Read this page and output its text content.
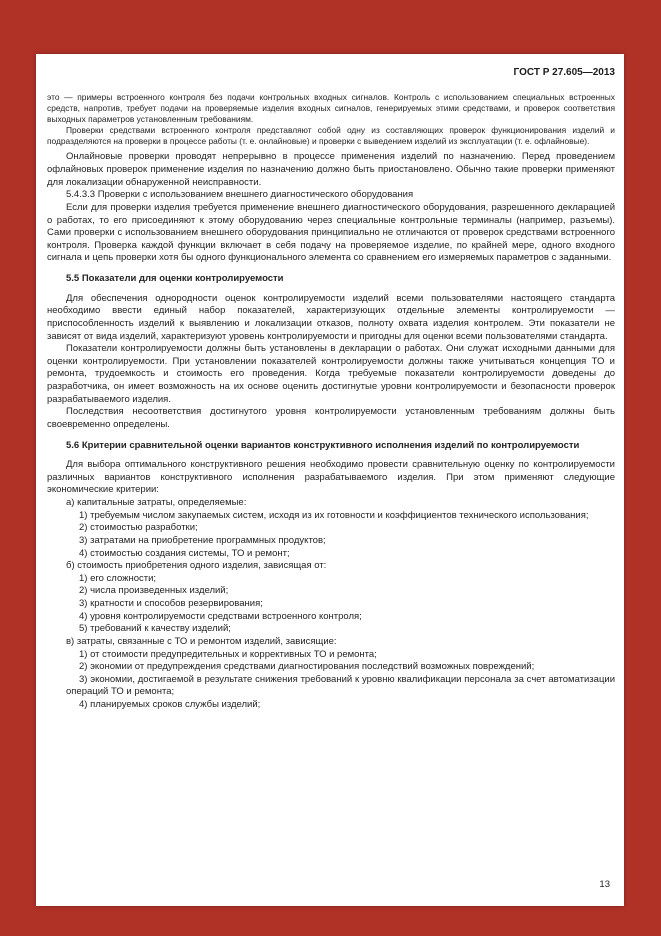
ГОСТ Р 27.605—2013

это — примеры встроенного контроля без подачи контрольных входных сигналов. Контроль с использованием специальных встроенных средств, напротив, требует подачи на проверяемые изделия входных сигналов, генерируемых этими средствами, и проверок соответствия выходных параметров установленным требованиям.

Проверки средствами встроенного контроля представляют собой одну из составляющих проверок функционирования изделий и подразделяются на проверки в процессе работы (т. е. онлайновые) и проверки с выведением изделий из эксплуатации (т. е. офлайновые).

Онлайновые проверки проводят непрерывно в процессе применения изделий по назначению. Перед проведением офлайновых проверок применение изделия по назначению должно быть приостановлено. Обычно такие проверки применяют для локализации обнаруженной неисправности.

5.4.3.3 Проверки с использованием внешнего диагностического оборудования

Если для проверки изделия требуется применение внешнего диагностического оборудования, разрешенного декларацией о работах, то его присоединяют к этому оборудованию через специальные контрольные терминалы (например, разъемы). Сами проверки с использованием внешнего оборудования принципиально не отличаются от проверок средствами встроенного контроля. Проверка каждой функции включает в себя подачу на проверяемое изделие, по крайней мере, одного входного сигнала и цепь проверки хотя бы одного функционального элемента со сравнением его измеряемых параметров с заданными.

5.5 Показатели для оценки контролируемости

Для обеспечения однородности оценок контролируемости изделий всеми пользователями настоящего стандарта необходимо ввести единый набор показателей, характеризующих отдельные элементы контролируемости — приспособленность изделий к выявлению и локализации отказов, полноту охвата изделия контролем. Эти показатели не зависят от вида изделий, характеризуют уровень контролируемости и пригодны для оценки всеми пользователями стандарта.

Показатели контролируемости должны быть установлены в декларации о работах. Они служат исходными данными для оценки контролируемости. При установлении показателей контролируемости должны также учитываться концепция ТО и ремонта, трудоемкость и стоимость его проведения. Когда требуемые показатели контролируемости доведены до разработчика, он имеет возможность на их основе оценить достигнутые уровни контролируемости и безопасности проверок разрабатываемого изделия.

Последствия несоответствия достигнутого уровня контролируемости установленным требованиям должны быть своевременно определены.

5.6 Критерии сравнительной оценки вариантов конструктивного исполнения изделий по контролируемости

Для выбора оптимального конструктивного решения необходимо провести сравнительную оценку по контролируемости различных вариантов конструктивного исполнения разрабатываемого изделия. При этом применяют следующие экономические критерии:

а) капитальные затраты, определяемые:

1) требуемым числом закупаемых систем, исходя из их готовности и коэффициентов технического использования;

2) стоимостью разработки;

3) затратами на приобретение программных продуктов;

4) стоимостью создания системы, ТО и ремонт;

б) стоимость приобретения одного изделия, зависящая от:

1) его сложности;

2) числа произведенных изделий;

3) кратности и способов резервирования;

4) уровня контролируемости средствами встроенного контроля;

5) требований к качеству изделий;

в) затраты, связанные с ТО и ремонтом изделий, зависящие:

1) от стоимости предупредительных и коррективных ТО и ремонта;

2) экономии от предупреждения средствами диагностирования последствий возможных повреждений;

3) экономии, достигаемой в результате снижения требований к уровню квалификации персонала за счет автоматизации операций ТО и ремонта;

4) планируемых сроков службы изделий;

13
